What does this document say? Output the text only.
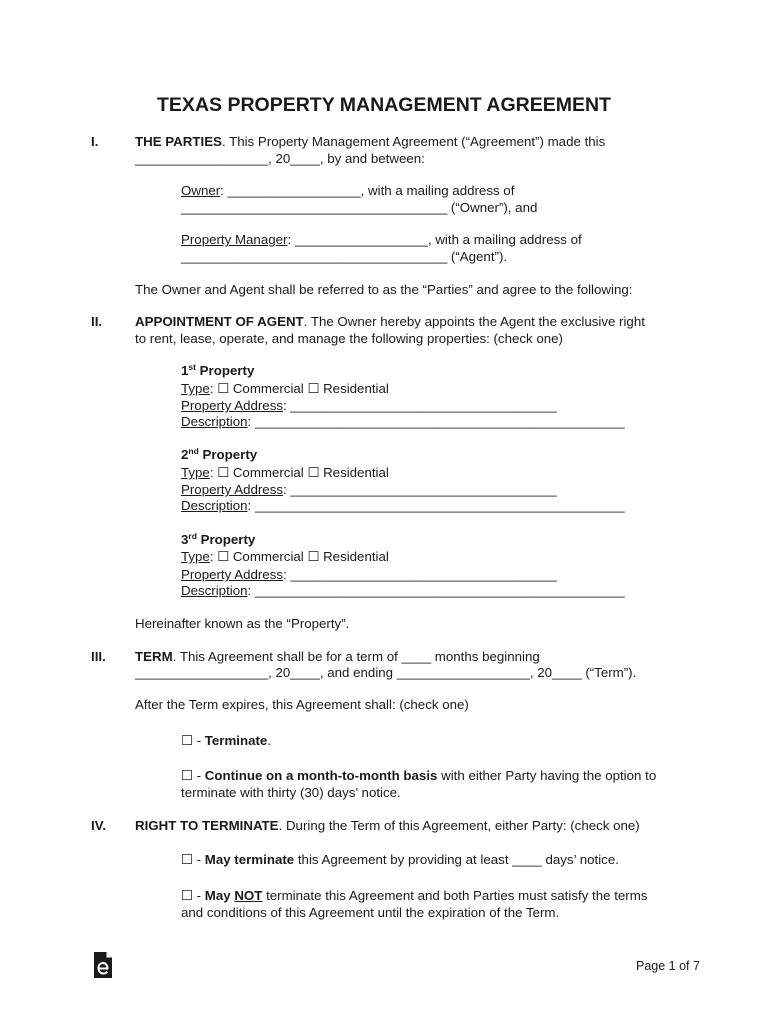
TEXAS PROPERTY MANAGEMENT AGREEMENT
I.	THE PARTIES. This Property Management Agreement (“Agreement”) made this
__________________, 20____, by and between:
Owner: __________________, with a mailing address of
____________________________________ (“Owner”), and
Property Manager: __________________, with a mailing address of
____________________________________ (“Agent”).
The Owner and Agent shall be referred to as the “Parties” and agree to the following:
II. APPOINTMENT OF AGENT. The Owner hereby appoints the Agent the exclusive right
to rent, lease, operate, and manage the following properties: (check one)
1st Property
Type: ☐ Commercial ☐ Residential
Property Address: ____________________________________
Description: __________________________________________________
2nd Property
Type: ☐ Commercial ☐ Residential
Property Address: ____________________________________
Description: __________________________________________________
3rd Property
Type: ☐ Commercial ☐ Residential
Property Address: ____________________________________
Description: __________________________________________________
Hereinafter known as the “Property”.
III. TERM. This Agreement shall be for a term of ____ months beginning
__________________, 20____, and ending __________________, 20____ (“Term”).
After the Term expires, this Agreement shall: (check one)
☐ - Terminate.
☐ - Continue on a month-to-month basis with either Party having the option to
terminate with thirty (30) days’ notice.
IV. RIGHT TO TERMINATE. During the Term of this Agreement, either Party: (check one)
☐ - May terminate this Agreement by providing at least ____ days’ notice.
☐ - May NOT terminate this Agreement and both Parties must satisfy the terms
and conditions of this Agreement until the expiration of the Term.
Page 1 of 7
